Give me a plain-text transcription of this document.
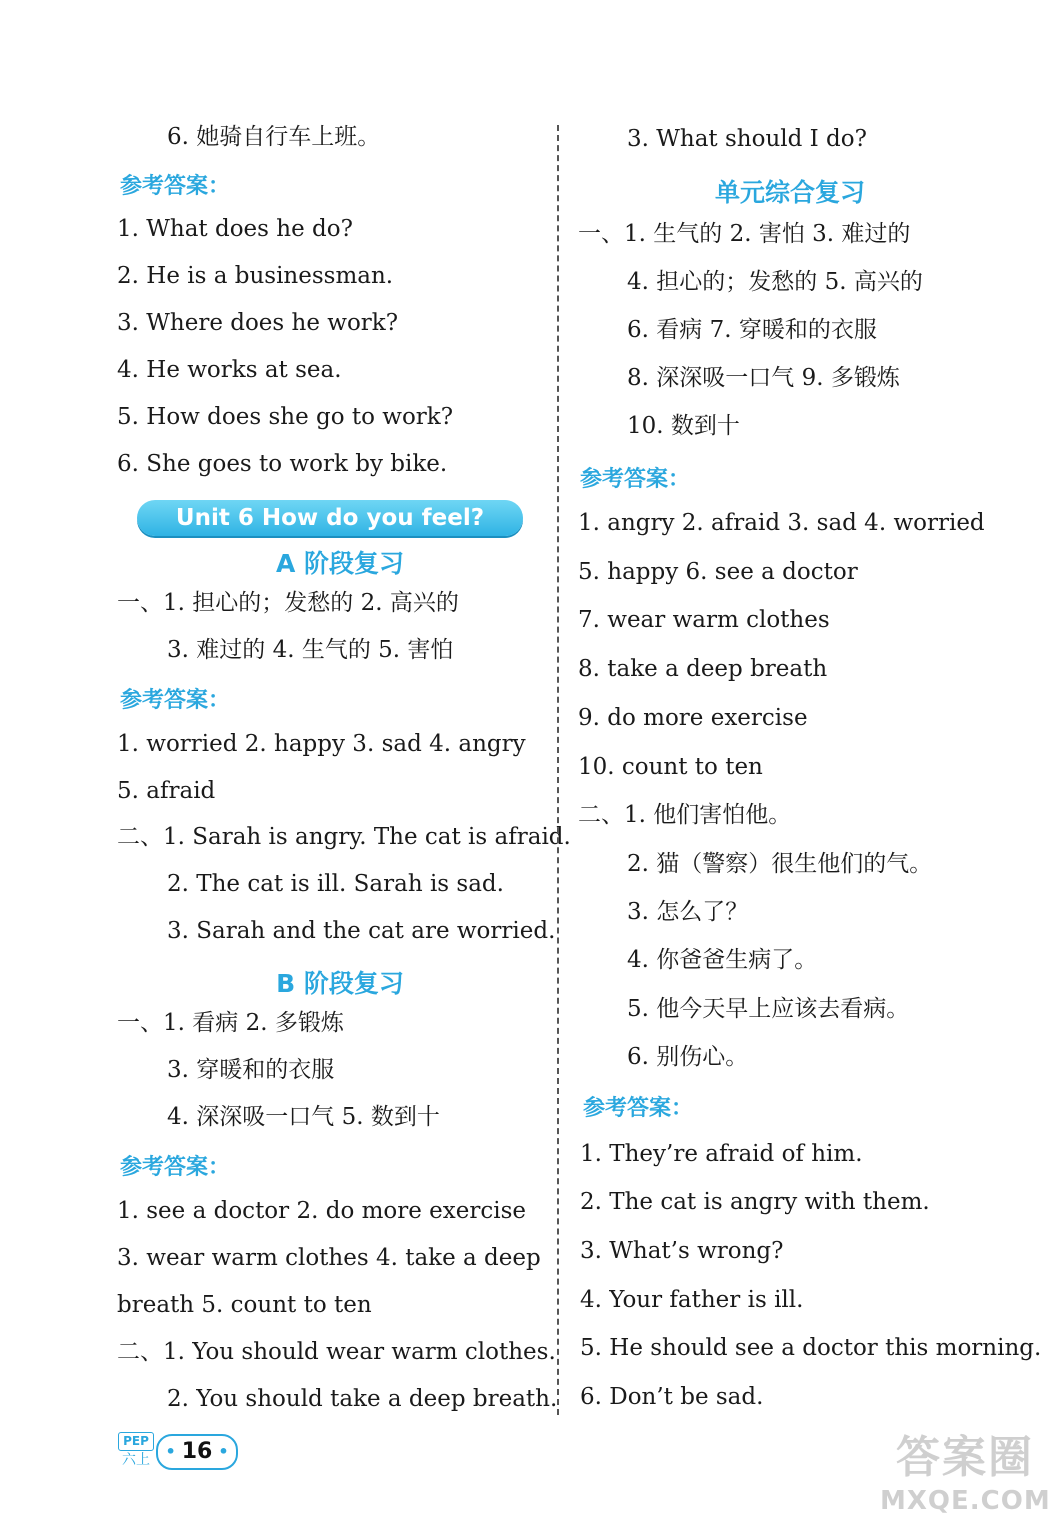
6. 她骑自行车上班。
参考答案：
1. What does he do?
2. He is a businessman.
3. Where does he work?
4. He works at sea.
5. How does she go to work?
6. She goes to work by bike.
Unit 6 How do you feel?
A 阶段复习
一、1. 担心的；发愁的 2. 高兴的
3. 难过的 4. 生气的 5. 害怕
参考答案：
1. worried 2. happy 3. sad 4. angry
5. afraid
二、1. Sarah is angry. The cat is afraid.
2. The cat is ill. Sarah is sad.
3. Sarah and the cat are worried.
B 阶段复习
一、1. 看病 2. 多锻炼
3. 穿暖和的衣服
4. 深深吸一口气 5. 数到十
参考答案：
1. see a doctor 2. do more exercise
3. wear warm clothes 4. take a deep
breath 5. count to ten
二、1. You should wear warm clothes.
2. You should take a deep breath.
3. What should I do?
单元综合复习
一、1. 生气的 2. 害怕 3. 难过的
4. 担心的；发愁的 5. 高兴的
6. 看病 7. 穿暖和的衣服
8. 深深吸一口气 9. 多锻炼
10. 数到十
参考答案：
1. angry 2. afraid 3. sad 4. worried
5. happy 6. see a doctor
7. wear warm clothes
8. take a deep breath
9. do more exercise
10. count to ten
二、1. 他们害怕他。
2. 猫（警察）很生他们的气。
3. 怎么了？
4. 你爸爸生病了。
5. 他今天早上应该去看病。
6. 别伤心。
参考答案：
1. They’re afraid of him.
2. The cat is angry with them.
3. What’s wrong?
4. Your father is ill.
5. He should see a doctor this morning.
6. Don’t be sad.
PEP
六上 • 16 •	答案圈
MXQE.COM
